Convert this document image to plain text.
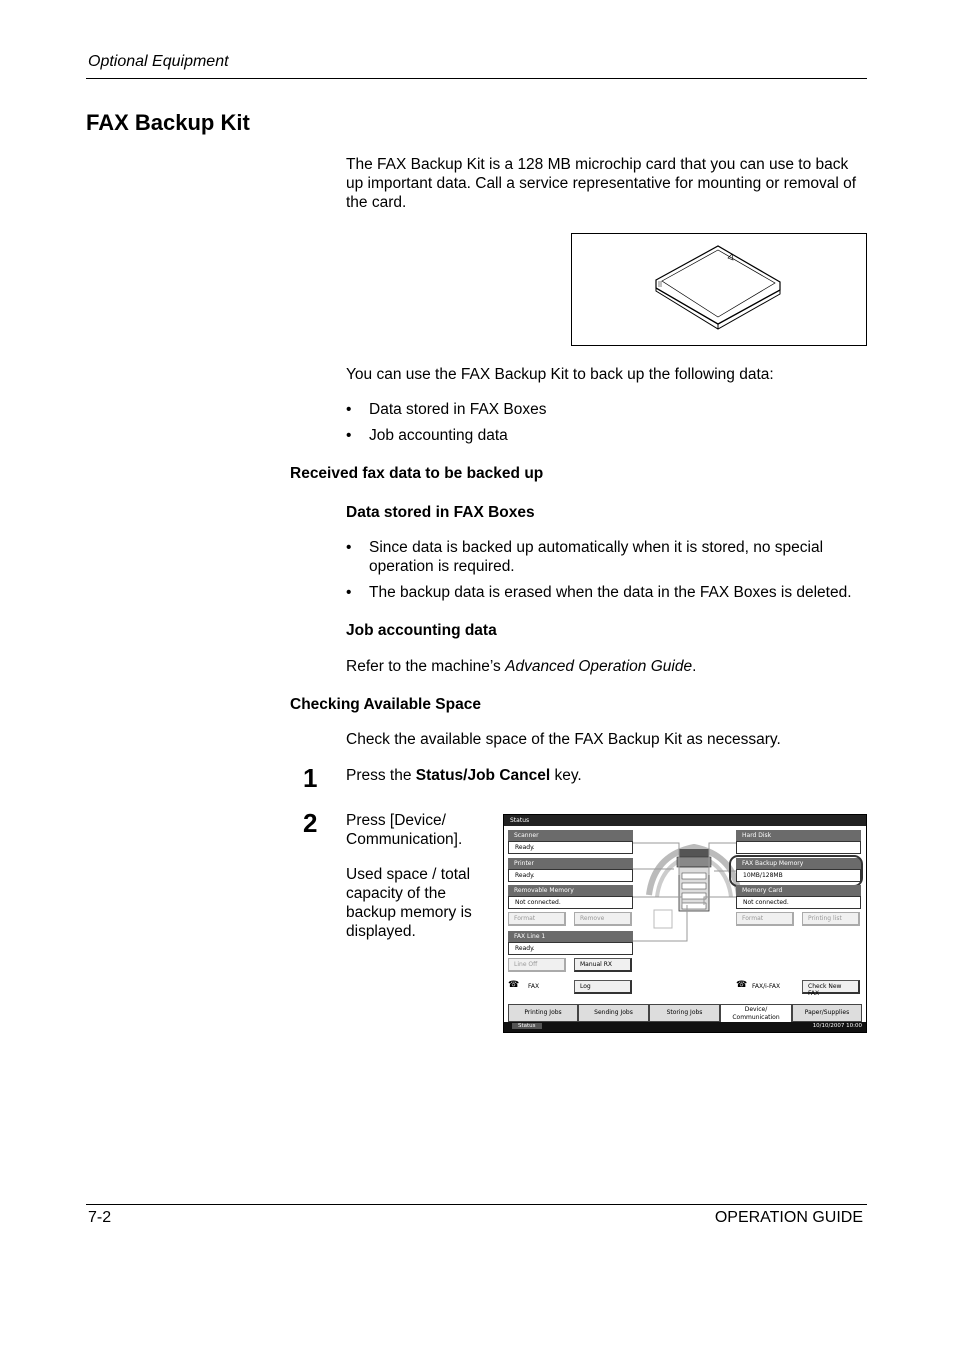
Optional Equipment
FAX Backup Kit
The FAX Backup Kit is a 128 MB microchip card that you can use to back
up important data. Call a service representative for mounting or removal of
the card.
You can use the FAX Backup Kit to back up the following data:
• Data stored in FAX Boxes
• Job accounting data
Received fax data to be backed up
Data stored in FAX Boxes
• Since data is backed up automatically when it is stored, no special
operation is required.
• The backup data is erased when the data in the FAX Boxes is deleted.
Job accounting data
Refer to the machine’s Advanced Operation Guide.
Checking Available Space
Check the available space of the FAX Backup Kit as necessary.
1 Press the Status/Job Cancel key.
2 Press [Device/
Communication].
Used space / total
capacity of the
backup memory is
displayed.
Status
Scanner
Ready.
Printer
Ready.
Removable Memory
Not connected.
Format	Remove
FAX Line 1
Ready.
Line Off	Manual RX
☎ FAX	Log
Hard Disk
FAX Backup Memory
10MB/128MB
Memory Card
Not connected.
Format	Printing list
☎ FAX/i-FAX	Check New FAX
Printing Jobs	Sending Jobs	Storing Jobs	Device/
Communication
Paper/Supplies
Status	10/10/2007 10:00
7-2	OPERATION GUIDE
